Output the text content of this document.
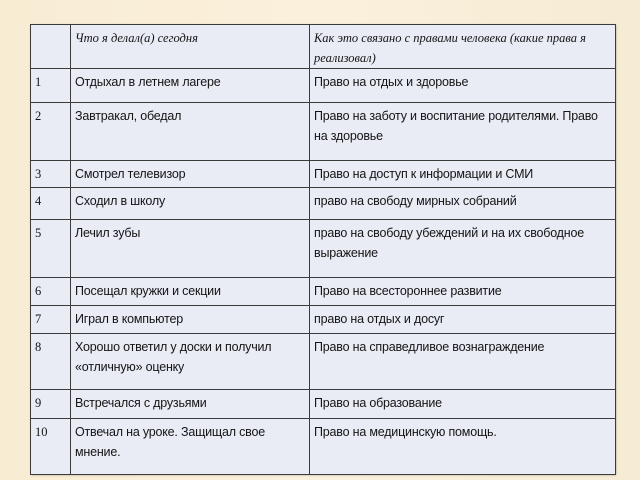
	Что я делал(а) сегодня	Как это связано с правами человека (какие права я реализовал)
1	Отдыхал в летнем лагере	Право на отдых и здоровье
2	Завтракал, обедал	Право на заботу и воспитание родителями. Право на здоровье
3	Смотрел телевизор	Право на доступ к информации и СМИ
4	Сходил в школу	право на свободу мирных собраний
5	Лечил зубы	право на свободу убеждений и на их свободное выражение
6	Посещал кружки и секции	Право на всестороннее развитие
7	Играл в компьютер	право на отдых и досуг
8	Хорошо ответил у доски и получил «отличную» оценку	Право на справедливое вознаграждение
9	Встречался с друзьями	Право на образование
10	Отвечал на уроке. Защищал свое мнение.	Право на медицинскую помощь.
